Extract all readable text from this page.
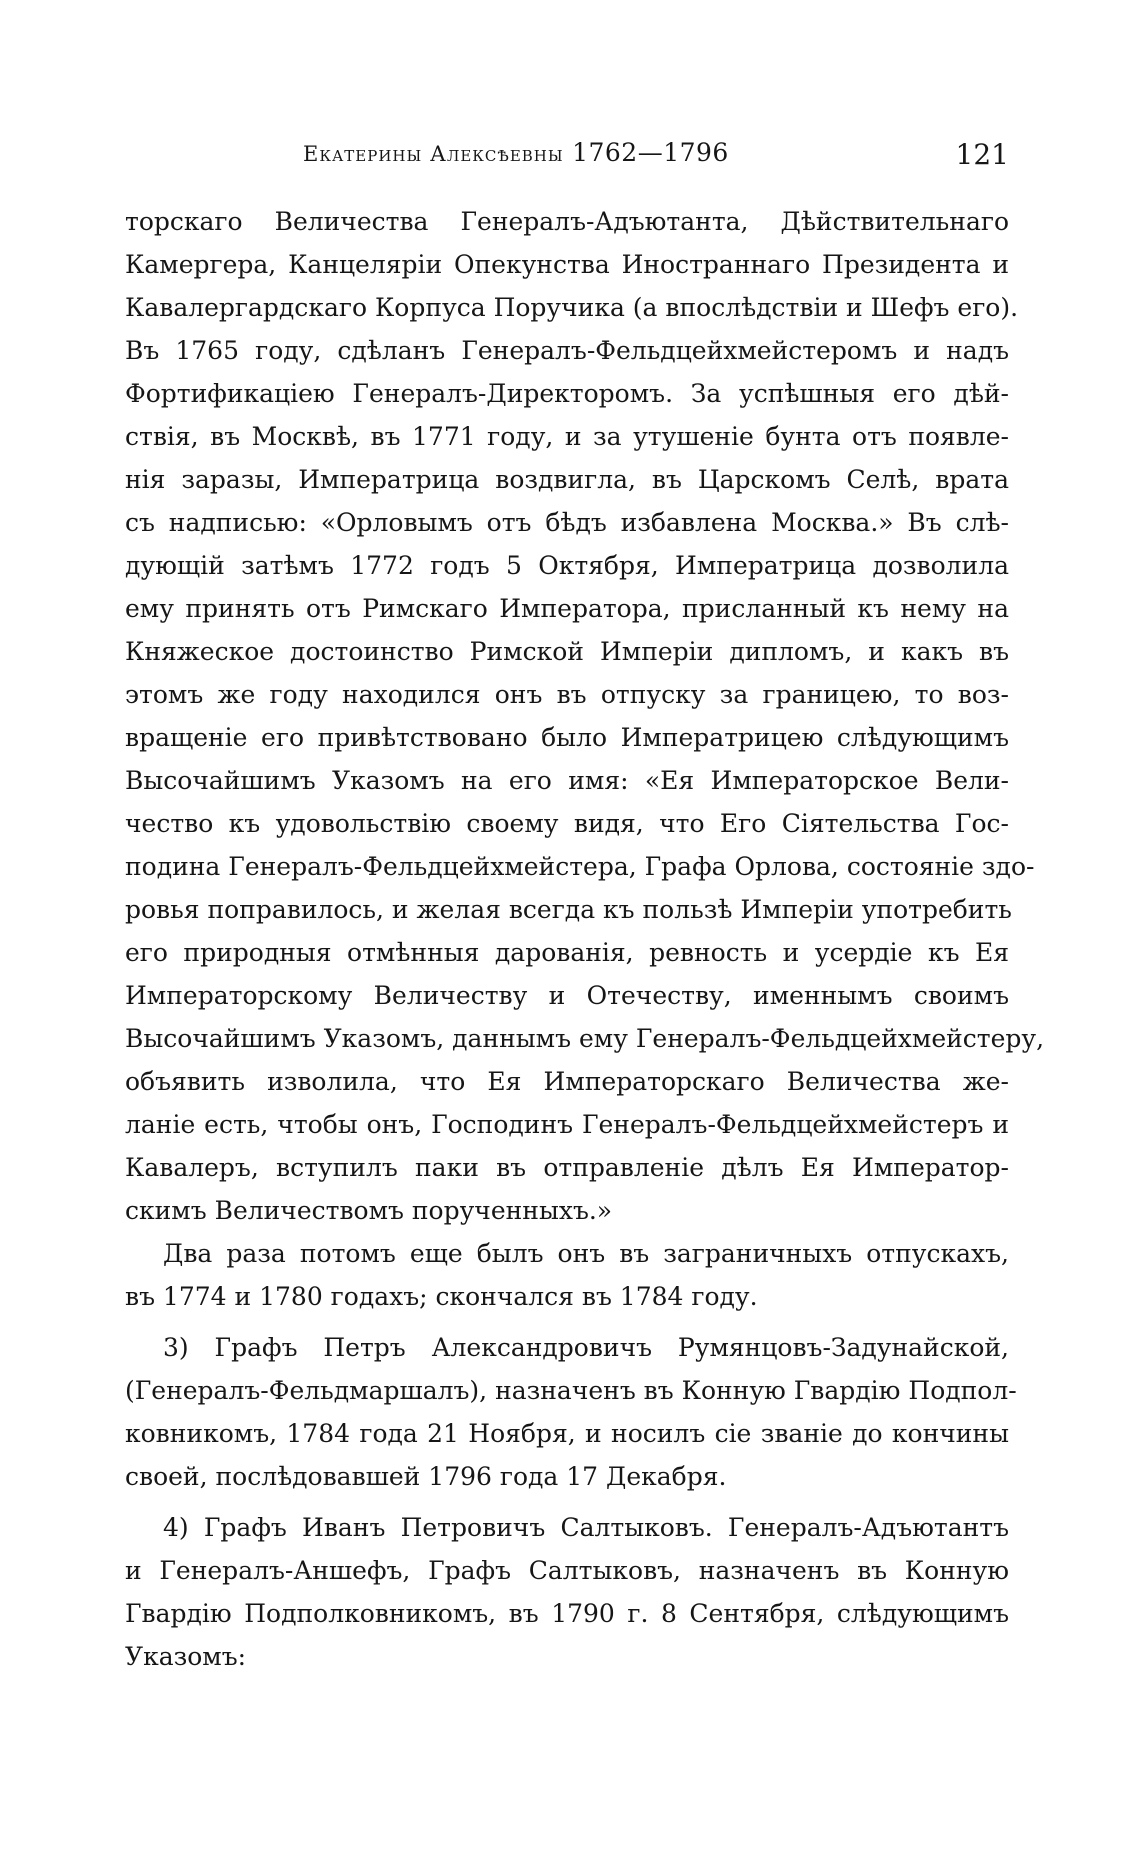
Екатерины Алексѣевны 1762—1796	121
торскаго Величества Генералъ-Адъютанта, Дѣйствительнаго
Камергера, Канцеляріи Опекунства Иностраннаго Президента и
Кавалергардскаго Корпуса Поручика (а впослѣдствіи и Шефъ его).
Въ 1765 году, сдѣланъ Генералъ-Фельдцейхмейстеромъ и надъ
Фортификаціею Генералъ-Директоромъ. За успѣшныя его дѣй-
ствія, въ Москвѣ, въ 1771 году, и за утушеніе бунта отъ появле-
нія заразы, Императрица воздвигла, въ Царскомъ Селѣ, врата
съ надписью: «Орловымъ отъ бѣдъ избавлена Москва.» Въ слѣ-
дующій затѣмъ 1772 годъ 5 Октября, Императрица дозволила
ему принять отъ Римскаго Императора, присланный къ нему на
Княжеское достоинство Римской Имперіи дипломъ, и какъ въ
этомъ же году находился онъ въ отпуску за границею, то воз-
вращеніе его привѣтствовано было Императрицею слѣдующимъ
Высочайшимъ Указомъ на его имя: «Ея Императорское Вели-
чество къ удовольствію своему видя, что Его Сіятельства Гос-
подина Генералъ-Фельдцейхмейстера, Графа Орлова, состояніе здо-
ровья поправилось, и желая всегда къ пользѣ Имперіи употребить
его природныя отмѣнныя дарованія, ревность и усердіе къ Ея
Императорскому Величеству и Отечеству, именнымъ своимъ
Высочайшимъ Указомъ, даннымъ ему Генералъ-Фельдцейхмейстеру,
объявить изволила, что Ея Императорскаго Величества же-
ланіе есть, чтобы онъ, Господинъ Генералъ-Фельдцейхмейстеръ и
Кавалеръ, вступилъ паки въ отправленіе дѣлъ Ея Император-
скимъ Величествомъ порученныхъ.»
Два раза потомъ еще былъ онъ въ заграничныхъ отпускахъ,
въ 1774 и 1780 годахъ; скончался въ 1784 году.
3) Графъ Петръ Александровичъ Румянцовъ-Задунайской,
(Генералъ-Фельдмаршалъ), назначенъ въ Конную Гвардію Подпол-
ковникомъ, 1784 года 21 Ноября, и носилъ сіе званіе до кончины
своей, послѣдовавшей 1796 года 17 Декабря.
4) Графъ Иванъ Петровичъ Салтыковъ. Генералъ-Адъютантъ
и Генералъ-Аншефъ, Графъ Салтыковъ, назначенъ въ Конную
Гвардію Подполковникомъ, въ 1790 г. 8 Сентября, слѣдующимъ
Указомъ:
